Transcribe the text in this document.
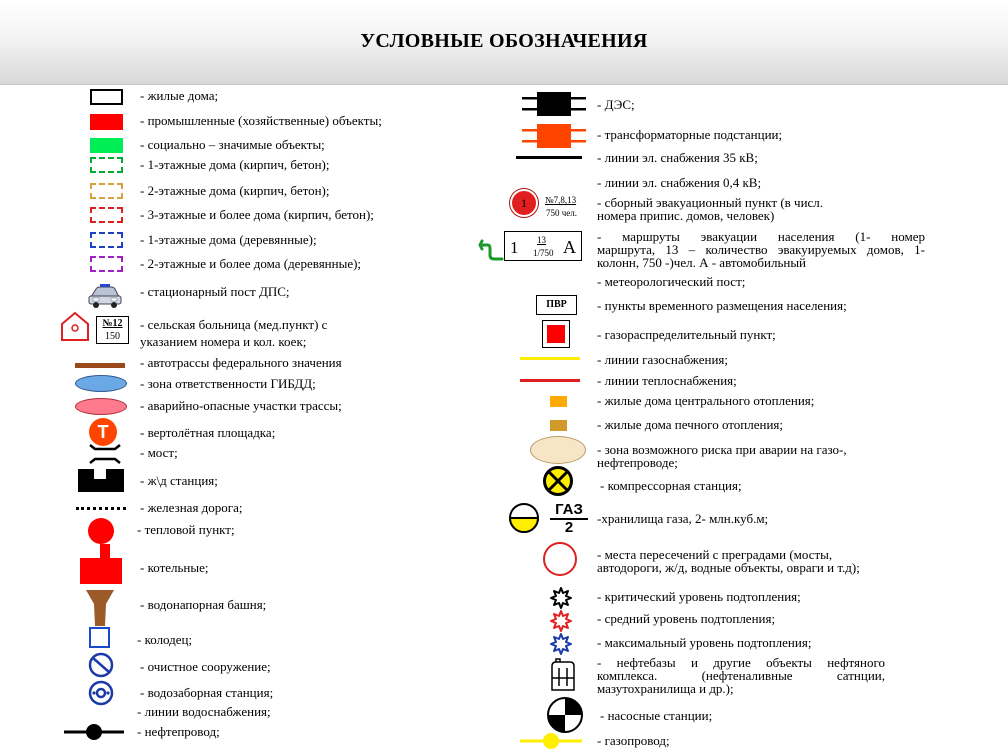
УСЛОВНЫЕ ОБОЗНАЧЕНИЯ
- жилые дома;
- промышленные (хозяйственные) объекты;
- социально – значимые объекты;
- 1-этажные дома (кирпич, бетон);
- 2-этажные дома (кирпич, бетон);
- 3-этажные и более дома (кирпич, бетон);
- 1-этажные дома (деревянные);
- 2-этажные и более дома (деревянные);
- стационарный пост ДПС;
№12
150
- сельская больница (мед.пункт) с
указанием номера и кол. коек;
- автотрассы федерального значения
- зона ответственности ГИБДД;
- аварийно-опасные участки трассы;
Т	- вертолётная площадка;
- мост;
- ж\д станция;
- железная дорога;
- тепловой пункт;
- котельные;
- водонапорная башня;
- колодец;
- очистное сооружение;
- водозаборная станция;
- линии водоснабжения;
- нефтепровод;
- ДЭС;
- трансформаторные подстанции;
- линии эл. снабжения 35 кВ;
- линии эл. снабжения 0,4 кВ;
1	№7,8,13
750 чел.
- сборный эвакуационный пункт (в числ.
номера припис. домов, человек)
1 13
1/750 А
- маршруты эвакуации населения (1- номер
маршрута, 13 – количество эвакуируемых домов, 1-
колонн, 750 -)чел. А - автомобильный
- метеорологический пост;
ПВР	- пункты временного размещения населения;
- газораспределительный пункт;
- линии газоснабжения;
- линии теплоснабжения;
- жилые дома центрального отопления;
- жилые дома печного отопления;
- зона возможного риска при аварии на газо-,
нефтепроводе;
- компрессорная станция;
ГАЗ
2
-хранилища газа, 2- млн.куб.м;
- места пересечений с преградами (мосты,
автодороги, ж/д, водные объекты, овраги и т.д);
- критический уровень подтопления;
- средний уровень подтопления;
- максимальный уровень подтопления;
- нефтебазы и другие объекты нефтяного
комплекса. (нефтеналивные сатнции,
мазутохранилища и др.);
- насосные станции;
- газопровод;
